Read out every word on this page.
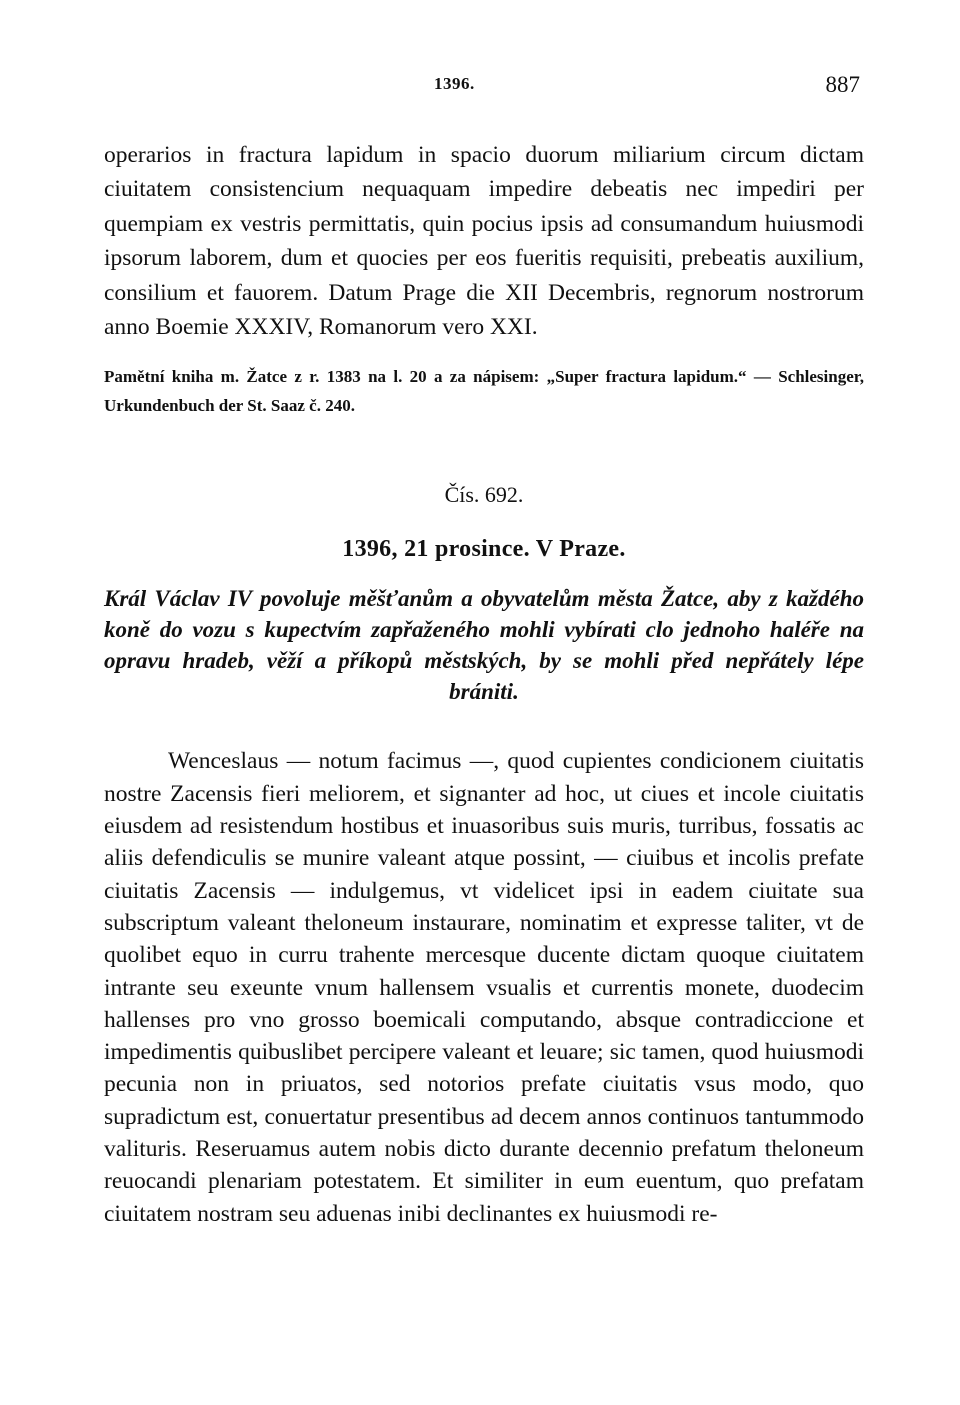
1396.	887

operarios in fractura lapidum in spacio duorum miliarium circum dictam ciuitatem consistencium nequaquam impedire debeatis nec impediri per quempiam ex vestris permittatis, quin pocius ipsis ad consumandum huiusmodi ipsorum laborem, dum et quocies per eos fueritis requisiti, prebeatis auxilium, consilium et fauorem. Datum Prage die XII Decembris, regnorum nostrorum anno Boemie XXXIV, Romanorum vero XXI.

Pamětní kniha m. Žatce z r. 1383 na l. 20 a za nápisem: „Super fractura lapidum.“ — Schlesinger, Urkundenbuch der St. Saaz č. 240.

Čís. 692.
1396, 21 prosince. V Praze.

Král Václav IV povoluje měšťanům a obyvatelům města Žatce, aby z každého koně do vozu s kupectvím zapřaženého mohli vybírati clo jednoho haléře na opravu hradeb, věží a příkopů městských, by se mohli před nepřátely lépe brániti.

Wenceslaus — notum facimus —, quod cupientes condicionem ciuitatis nostre Zacensis fieri meliorem, et signanter ad hoc, ut ciues et incole ciuitatis eiusdem ad resistendum hostibus et inuasoribus suis muris, turribus, fossatis ac aliis defendiculis se munire valeant atque possint, — ciuibus et incolis prefate ciuitatis Zacensis — indulgemus, vt videlicet ipsi in eadem ciuitate sua subscriptum valeant theloneum instaurare, nominatim et expresse taliter, vt de quolibet equo in curru trahente mercesque ducente dictam quoque ciuitatem intrante seu exeunte vnum hallensem vsualis et currentis monete, duodecim hallenses pro vno grosso boemicali computando, absque contradiccione et impedimentis quibuslibet percipere valeant et leuare; sic tamen, quod huiusmodi pecunia non in priuatos, sed notorios prefate ciuitatis vsus modo, quo supradictum est, conuertatur presentibus ad decem annos continuos tantummodo valituris. Reseruamus autem nobis dicto durante decennio prefatum theloneum reuocandi plenariam potestatem. Et similiter in eum euentum, quo prefatam ciuitatem nostram seu aduenas inibi declinantes ex huiusmodi re-
